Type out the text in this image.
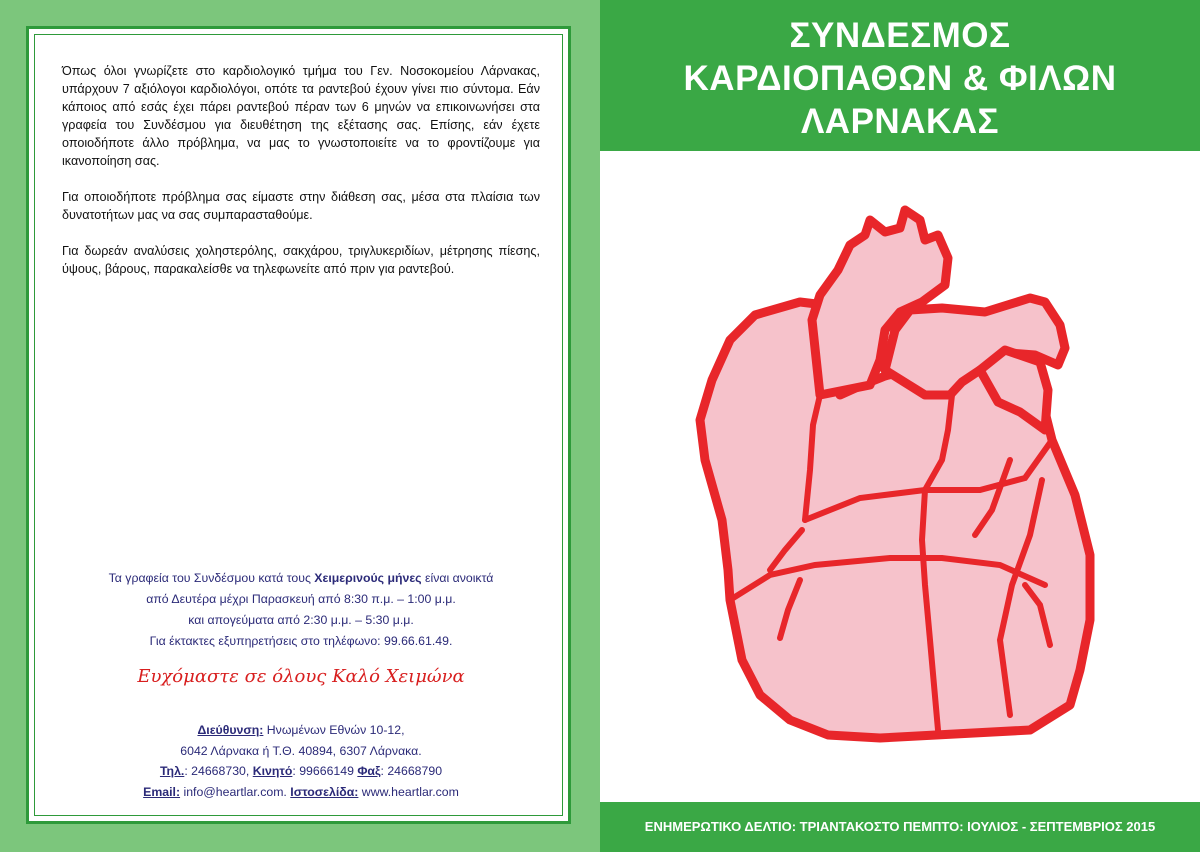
Όπως όλοι γνωρίζετε στο καρδιολογικό τμήμα του Γεν. Νοσοκομείου Λάρνακας, υπάρχουν 7 αξιόλογοι καρδιολόγοι, οπότε τα ραντεβού έχουν γίνει πιο σύντομα. Εάν κάποιος από εσάς έχει πάρει ραντεβού πέραν των 6 μηνών να επικοινωνήσει στα γραφεία του Συνδέσμου για διευθέτηση της εξέτασης σας. Επίσης, εάν έχετε οποιοδήποτε άλλο πρόβλημα, να μας το γνωστοποιείτε να το φροντίζουμε για ικανοποίηση σας.

Για οποιοδήποτε πρόβλημα σας είμαστε στην διάθεση σας, μέσα στα πλαίσια των δυνατοτήτων μας να σας συμπαρασταθούμε.

Για δωρεάν αναλύσεις χοληστερόλης, σακχάρου, τριγλυκεριδίων, μέτρησης πίεσης, ύψους, βάρους, παρακαλείσθε να τηλεφωνείτε από πριν για ραντεβού.

Τα γραφεία του Συνδέσμου κατά τους Χειμερινούς μήνες είναι ανοικτά
από Δευτέρα μέχρι Παρασκευή από 8:30 π.μ. – 1:00 μ.μ.
και απογεύματα από 2:30 μ.μ. – 5:30 μ.μ.
Για έκτακτες εξυπηρετήσεις στο τηλέφωνο: 99.66.61.49.
Ευχόμαστε σε όλους Καλό Χειμώνα
Διεύθυνση: Ηνωμένων Εθνών 10-12,
6042 Λάρνακα ή Τ.Θ. 40894, 6307 Λάρνακα.
Τηλ.: 24668730, Κινητό: 99666149 Φαξ: 24668790
Email: info@heartlar.com. Ιστοσελίδα: www.heartlar.com
ΣΥΝΔΕΣΜΟΣ
ΚΑΡΔΙΟΠΑΘΩΝ & ΦΙΛΩΝ
ΛΑΡΝΑΚΑΣ
ΕΝΗΜΕΡΩΤΙΚΟ ΔΕΛΤΙΟ: ΤΡΙΑΝΤΑΚΟΣΤΟ ΠΕΜΠΤΟ: ΙΟΥΛΙΟΣ - ΣΕΠΤΕΜΒΡΙΟΣ 2015
